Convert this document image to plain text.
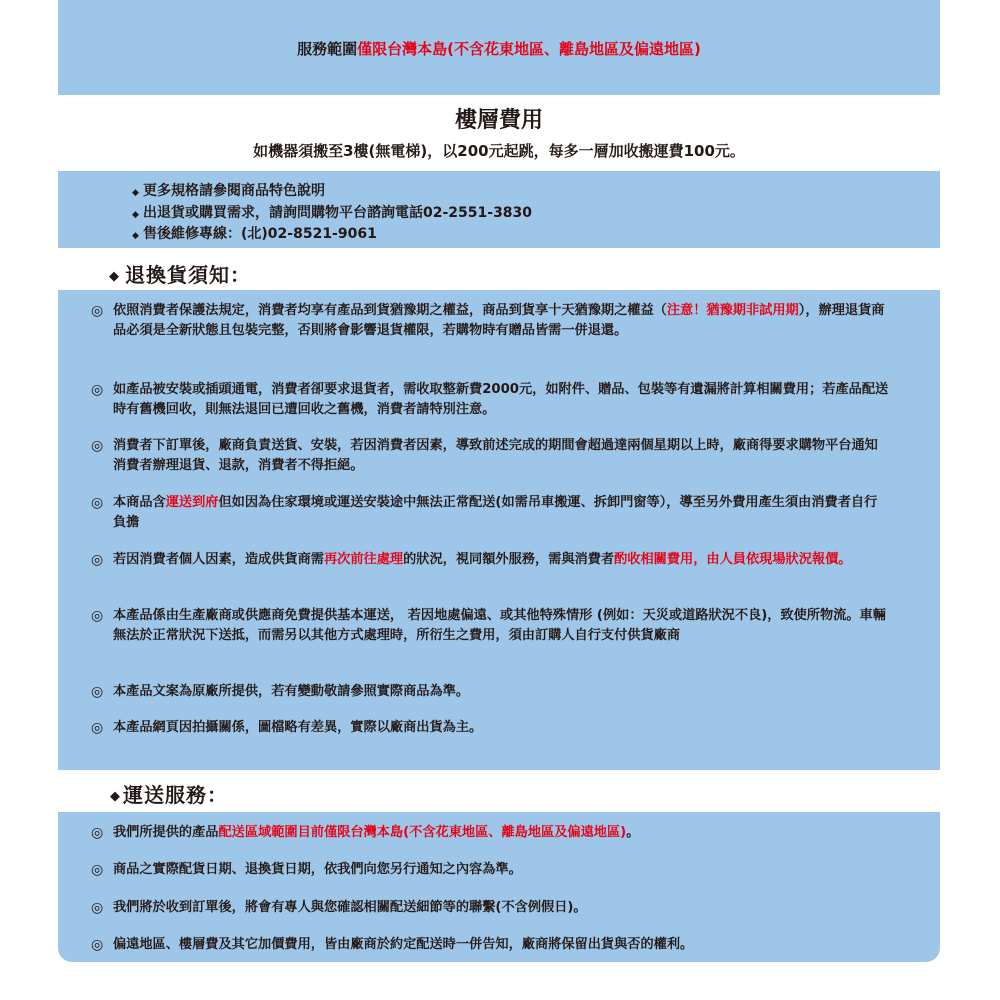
服務範圍僅限台灣本島(不含花東地區、離島地區及偏遠地區)
樓層費用
如機器須搬至3樓(無電梯)，以200元起跳，每多一層加收搬運費100元。
◆ 更多規格請參閱商品特色說明
◆ 出退貨或購買需求，請詢問購物平台諮詢電話02-2551-3830
◆ 售後維修專線：(北)02-8521-9061
◆ 退換貨須知：
◎ 依照消費者保護法規定，消費者均享有產品到貨猶豫期之權益，商品到貨享十天猶豫期之權益（注意！猶豫期非試用期），辦理退貨商品必須是全新狀態且包裝完整，否則將會影響退貨權限，若購物時有贈品皆需一併退還。
◎ 如產品被安裝或插頭通電，消費者卻要求退貨者，需收取整新費2000元，如附件、贈品、包裝等有遺漏將計算相關費用；若產品配送時有舊機回收，則無法退回已遭回收之舊機，消費者請特別注意。
◎ 消費者下訂單後，廠商負責送貨、安裝，若因消費者因素，導致前述完成的期間會超過達兩個星期以上時，廠商得要求購物平台通知消費者辦理退貨、退款，消費者不得拒絕。
◎ 本商品含運送到府但如因為住家環境或運送安裝途中無法正常配送(如需吊車搬運、拆卸門窗等），導至另外費用產生須由消費者自行負擔
◎ 若因消費者個人因素，造成供貨商需再次前往處理的狀況，視同額外服務，需與消費者酌收相關費用，由人員依現場狀況報價。
◎ 本產品係由生產廠商或供應商免費提供基本運送， 若因地處偏遠、或其他特殊情形 (例如：天災或道路狀況不良)，致使所物流。車輛無法於正常狀況下送抵，而需另以其他方式處理時，所衍生之費用，須由訂購人自行支付供貨廠商
◎ 本產品文案為原廠所提供，若有變動敬請參照實際商品為準。
◎ 本產品網頁因拍攝關係，圖檔略有差異，實際以廠商出貨為主。
◆ 運送服務：
◎ 我們所提供的產品配送區域範圍目前僅限台灣本島(不含花東地區、離島地區及偏遠地區)。
◎ 商品之實際配貨日期、退換貨日期，依我們向您另行通知之內容為準。
◎ 我們將於收到訂單後，將會有專人與您確認相關配送細節等的聯繫(不含例假日)。
◎ 偏遠地區、樓層費及其它加價費用，皆由廠商於約定配送時一併告知，廠商將保留出貨與否的權利。
